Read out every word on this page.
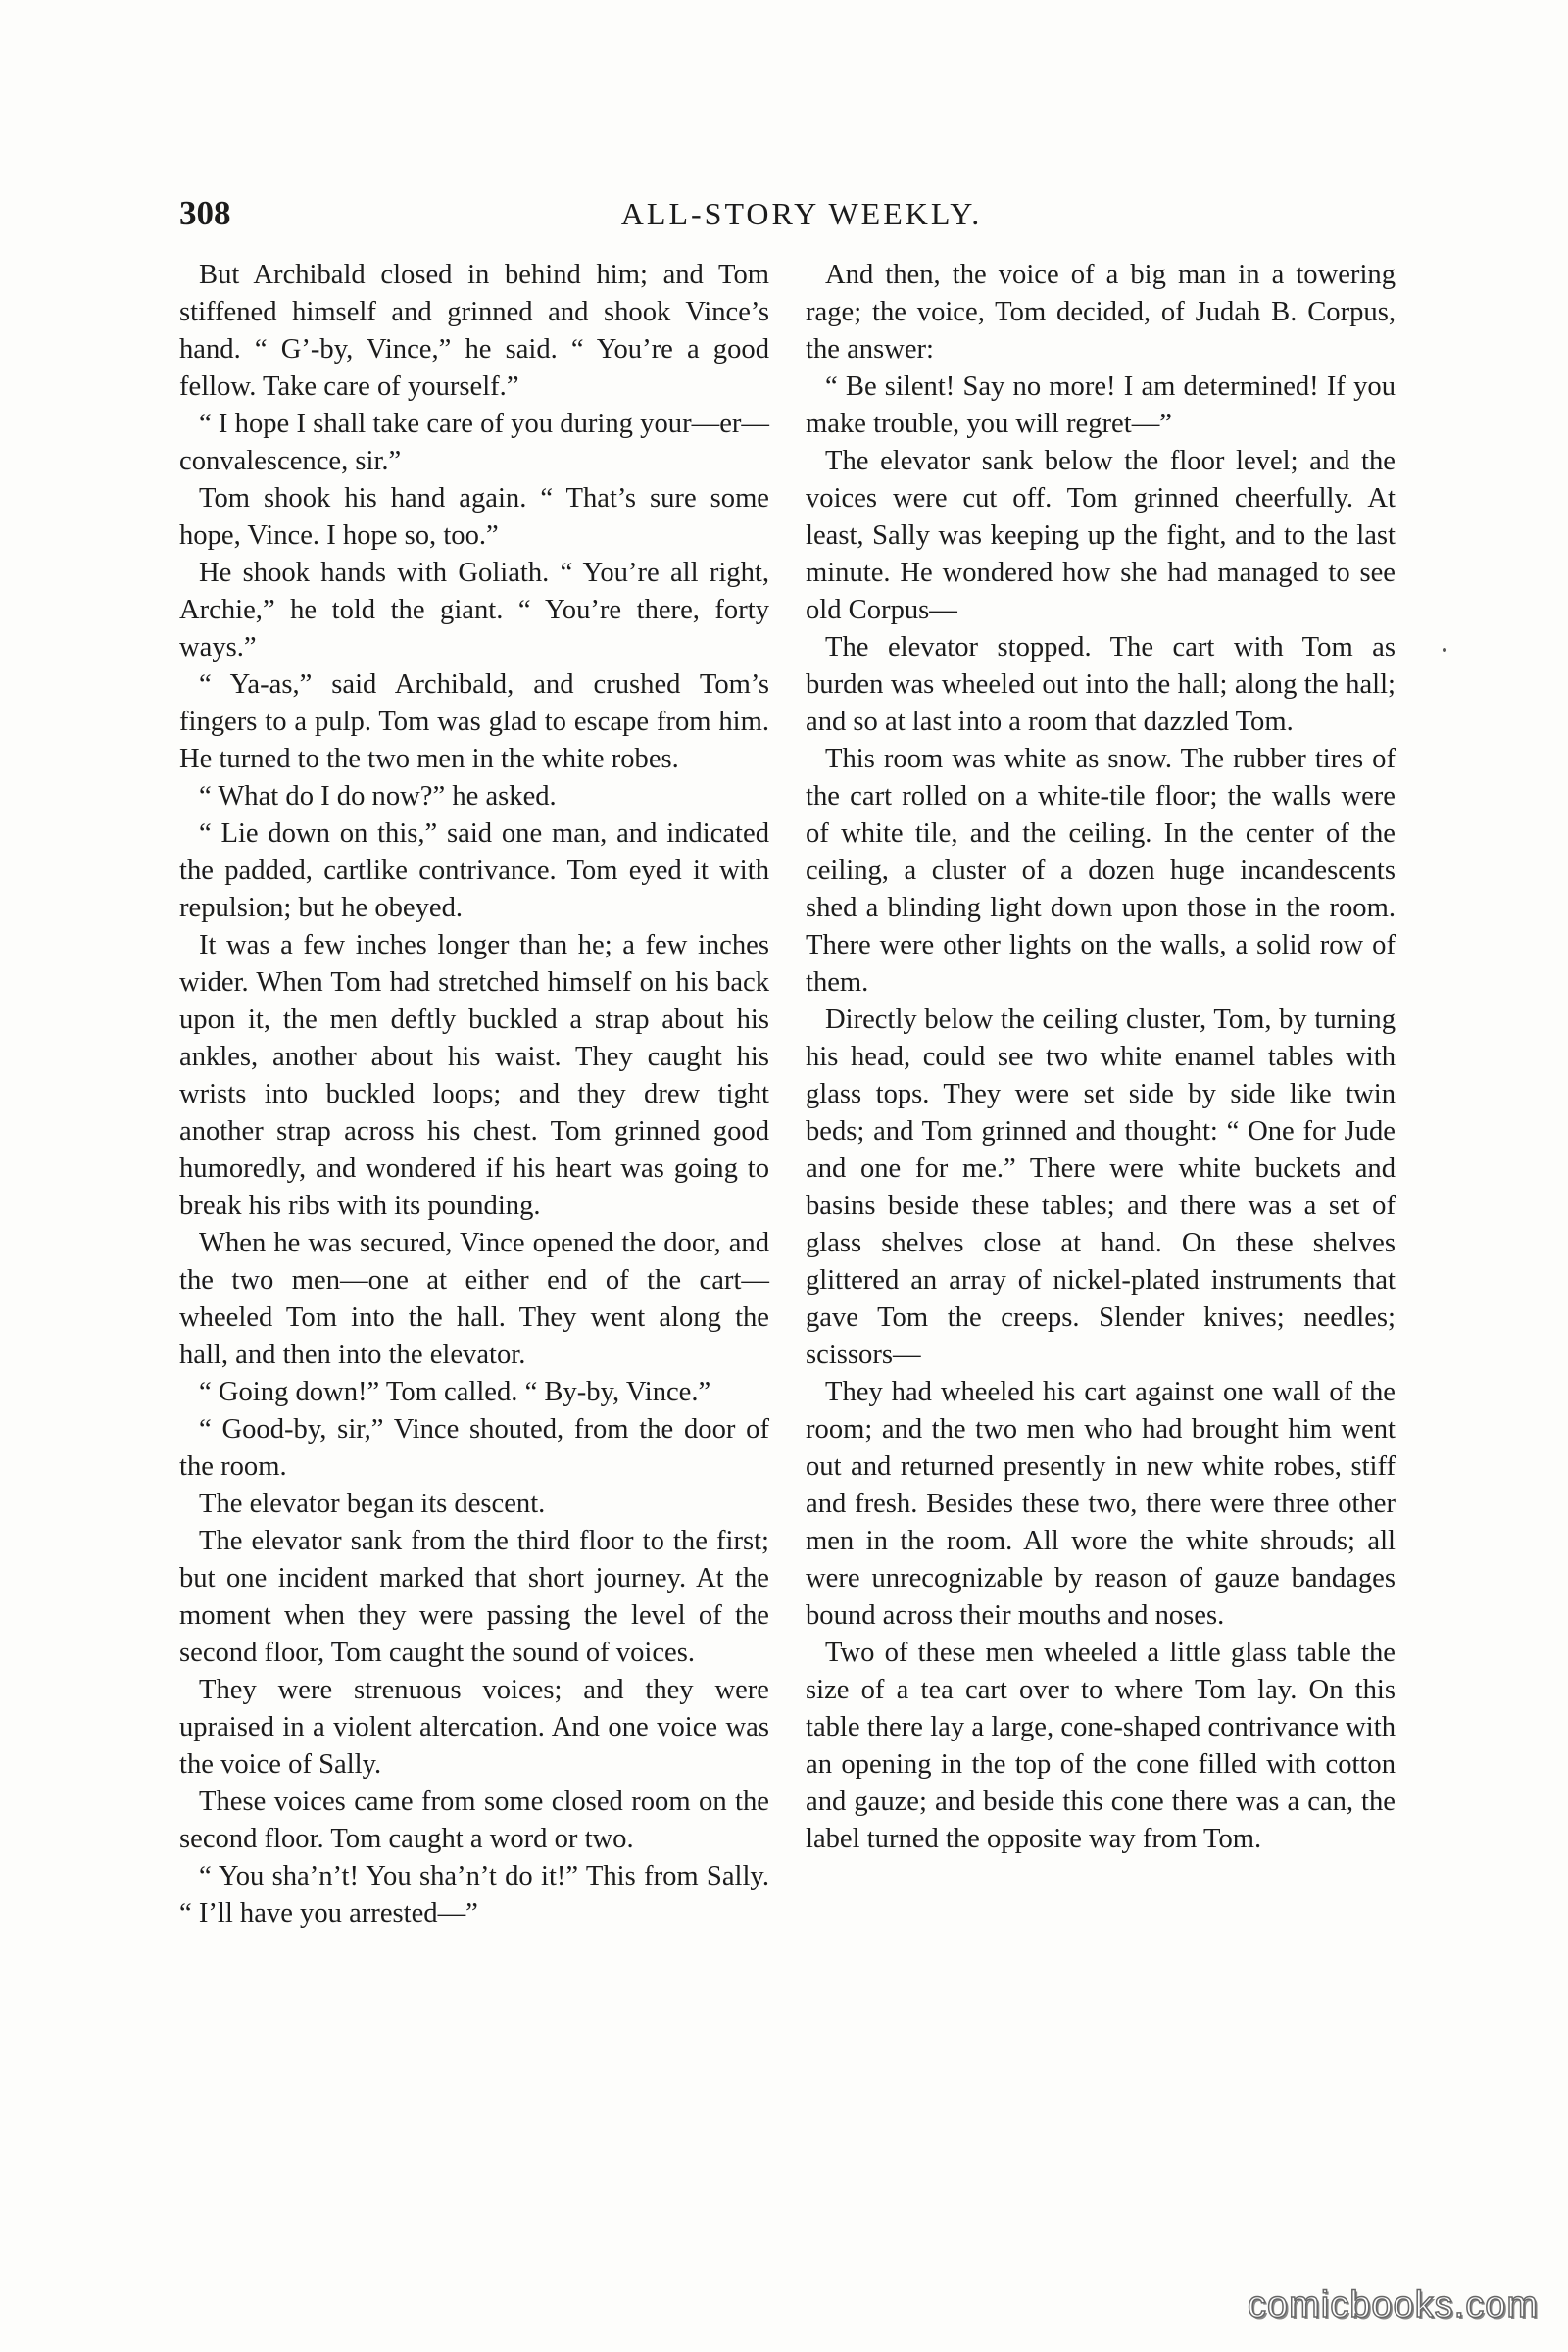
308	ALL-STORY WEEKLY.

But Archibald closed in behind him; and Tom stiffened himself and grinned and shook Vince’s hand. “ G’-by, Vince,” he said. “ You’re a good fellow. Take care of yourself.”

“ I hope I shall take care of you during your—er—convalescence, sir.”

Tom shook his hand again. “ That’s sure some hope, Vince. I hope so, too.”

He shook hands with Goliath. “ You’re all right, Archie,” he told the giant. “ You’re there, forty ways.”

“ Ya-as,” said Archibald, and crushed Tom’s fingers to a pulp. Tom was glad to escape from him. He turned to the two men in the white robes.

“ What do I do now?” he asked.

“ Lie down on this,” said one man, and indicated the padded, cartlike contrivance. Tom eyed it with repulsion; but he obeyed.

It was a few inches longer than he; a few inches wider. When Tom had stretched himself on his back upon it, the men deftly buckled a strap about his ankles, another about his waist. They caught his wrists into buckled loops; and they drew tight another strap across his chest. Tom grinned good humoredly, and wondered if his heart was going to break his ribs with its pounding.

When he was secured, Vince opened the door, and the two men—one at either end of the cart—wheeled Tom into the hall. They went along the hall, and then into the elevator.

“ Going down!” Tom called. “ By-by, Vince.”

“ Good-by, sir,” Vince shouted, from the door of the room.

The elevator began its descent.

The elevator sank from the third floor to the first; but one incident marked that short journey. At the moment when they were passing the level of the second floor, Tom caught the sound of voices.

They were strenuous voices; and they were upraised in a violent altercation. And one voice was the voice of Sally.

These voices came from some closed room on the second floor. Tom caught a word or two.

“ You sha’n’t! You sha’n’t do it!” This from Sally. “ I’ll have you arrested—”

And then, the voice of a big man in a towering rage; the voice, Tom decided, of Judah B. Corpus, the answer:

“ Be silent! Say no more! I am determined! If you make trouble, you will regret—”

The elevator sank below the floor level; and the voices were cut off. Tom grinned cheerfully. At least, Sally was keeping up the fight, and to the last minute. He wondered how she had managed to see old Corpus—

The elevator stopped. The cart with Tom as burden was wheeled out into the hall; along the hall; and so at last into a room that dazzled Tom.

This room was white as snow. The rubber tires of the cart rolled on a white-tile floor; the walls were of white tile, and the ceiling. In the center of the ceiling, a cluster of a dozen huge incandescents shed a blinding light down upon those in the room. There were other lights on the walls, a solid row of them.

Directly below the ceiling cluster, Tom, by turning his head, could see two white enamel tables with glass tops. They were set side by side like twin beds; and Tom grinned and thought: “ One for Jude and one for me.” There were white buckets and basins beside these tables; and there was a set of glass shelves close at hand. On these shelves glittered an array of nickel-plated instruments that gave Tom the creeps. Slender knives; needles; scissors—

They had wheeled his cart against one wall of the room; and the two men who had brought him went out and returned presently in new white robes, stiff and fresh. Besides these two, there were three other men in the room. All wore the white shrouds; all were unrecognizable by reason of gauze bandages bound across their mouths and noses.

Two of these men wheeled a little glass table the size of a tea cart over to where Tom lay. On this table there lay a large, cone-shaped contrivance with an opening in the top of the cone filled with cotton and gauze; and beside this cone there was a can, the label turned the opposite way from Tom.

comicbooks.com
